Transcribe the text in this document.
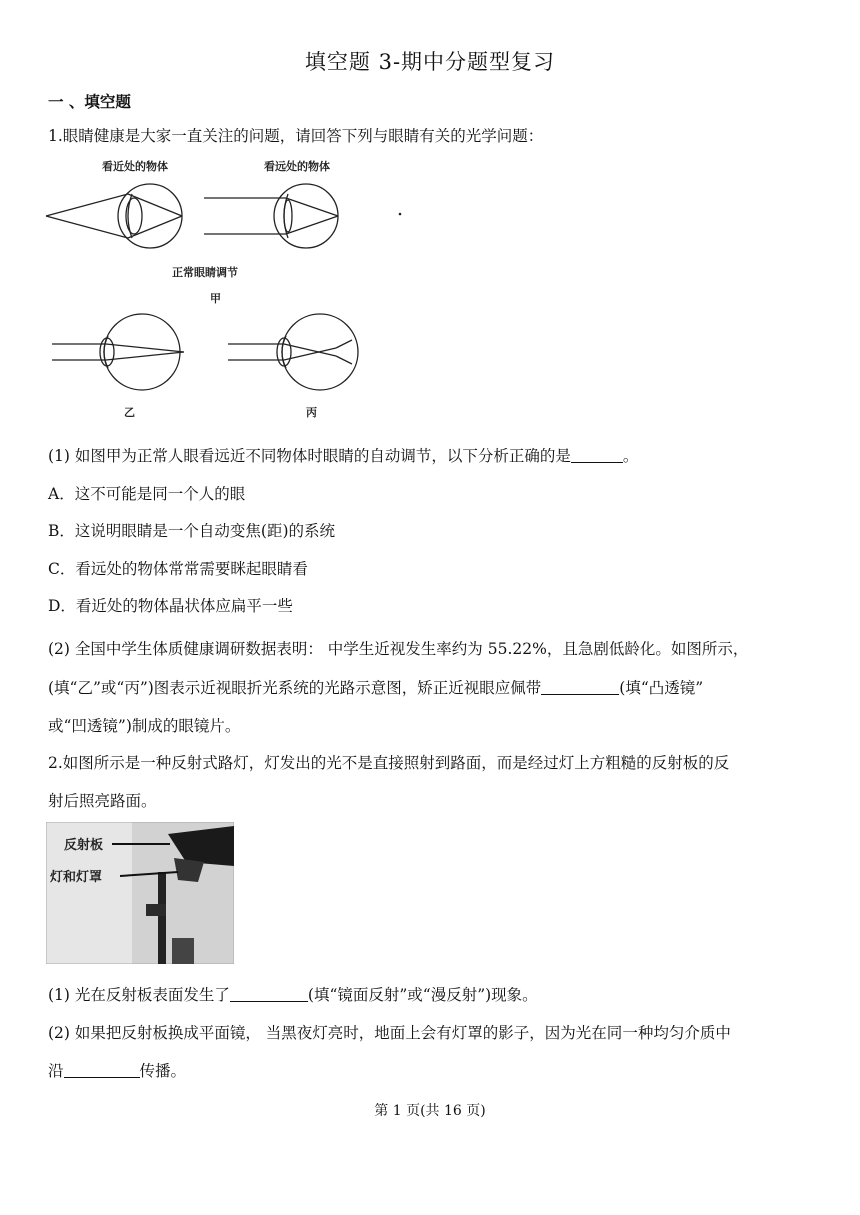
填空题 3-期中分题型复习
一 、填空题
1.眼睛健康是大家一直关注的问题，请回答下列与眼睛有关的光学问题：
看近处的物体	看远处的物体
正常眼睛调节
甲
乙	丙
(1) 如图甲为正常人眼看远近不同物体时眼睛的自动调节，以下分析正确的是	。
A．这不可能是同一个人的眼
B．这说明眼睛是一个自动变焦(距)的系统
C．看远处的物体常常需要眯起眼睛看
D．看近处的物体晶状体应扁平一些
(2) 全国中学生体质健康调研数据表明： 中学生近视发生率约为 55.22%，且急剧低龄化。如图所示，
(填“乙”或“丙”)图表示近视眼折光系统的光路示意图，矫正近视眼应佩带	(填“凸透镜”
或“凹透镜”)制成的眼镜片。
2.如图所示是一种反射式路灯，灯发出的光不是直接照射到路面，而是经过灯上方粗糙的反射板的反
射后照亮路面。
反射板
灯和灯罩
(1) 光在反射板表面发生了	(填“镜面反射”或“漫反射”)现象。
(2) 如果把反射板换成平面镜， 当黑夜灯亮时，地面上会有灯罩的影子，因为光在同一种均匀介质中
沿	传播。
第 1 页(共 16 页)
